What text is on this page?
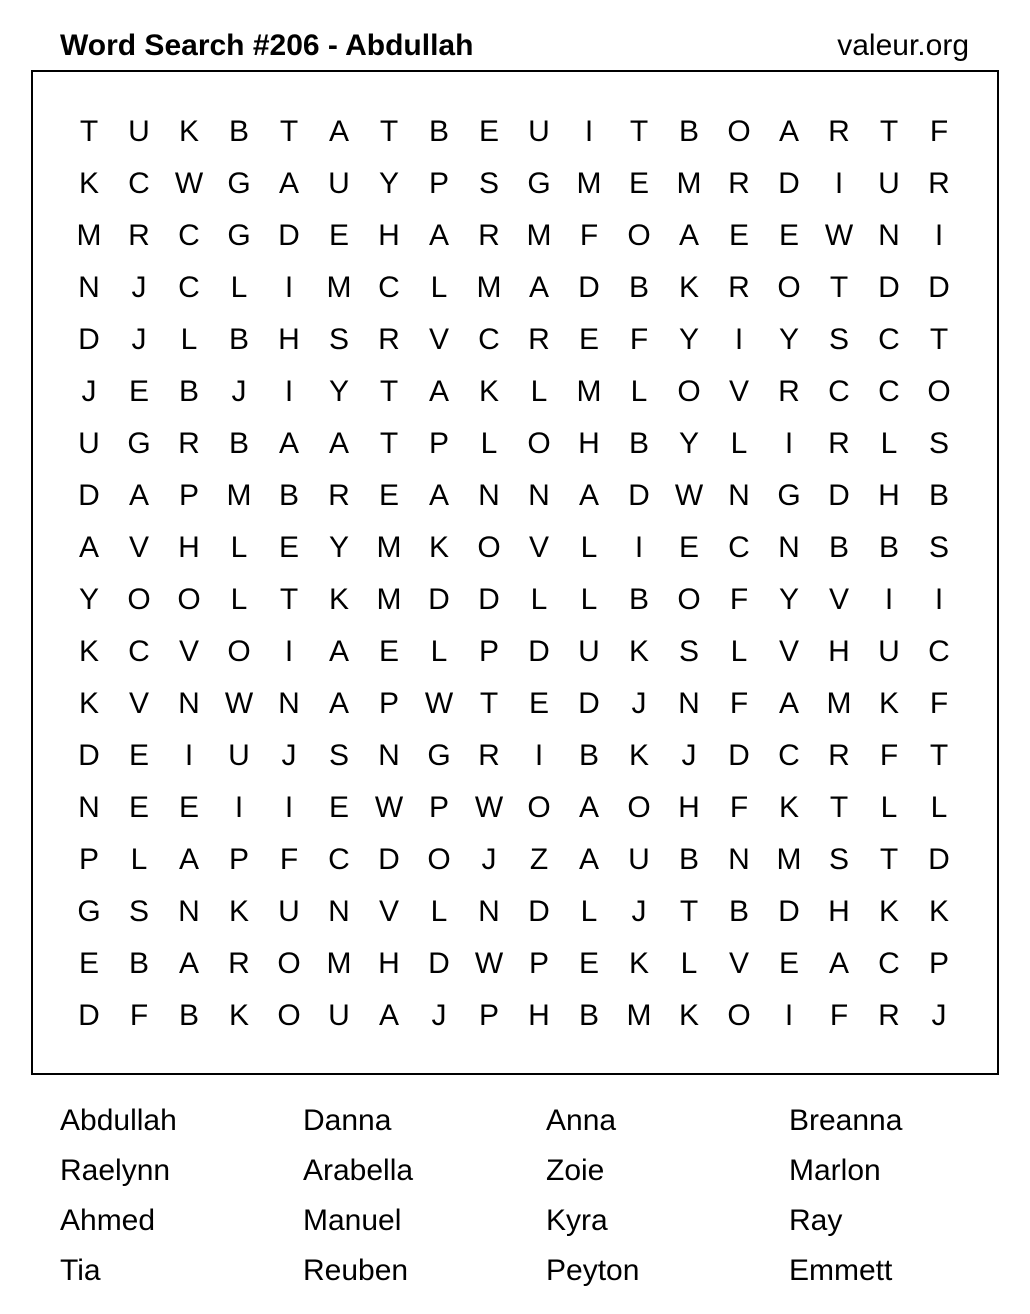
Word Search #206 - Abdullah	valeur.org
T	U K B	T	A	T	B E U	I	T	B O A R	T	F
K C W G A U Y P S G M E M R D	I	U R
M R C G D E H A R M F O A E E W N	I
N	J	C	L	I	M C	L M A D B K R O T	D D
D	J	L	B H S R V C R E	F	Y	I	Y S C	T
J	E B	J	I	Y	T	A K	L M L O V R C C O
U G R B A A	T	P	L O H B Y	L	I	R	L	S
D A P M B R E A N N A D W N G D H B
A V H	L	E Y M K O V	L	I	E C N B B S
Y O O L	T	K M D D	L	L	B O F	Y V	I	I
K C V O	I	A E	L	P D U K S	L	V H U C
K V N W N A P W T	E D	J	N	F	A M K	F
D E	I	U	J	S N G R	I	B K	J	D C R	F	T
N E E	I	I	E W P W O A O H	F	K	T	L	L
P	L	A P	F	C D O	J	Z	A U B N M S	T	D
G S N K U N V	L	N D	L	J	T	B D H K K
E B A R O M H D W P E K	L	V E A C P
D	F	B K O U A	J	P H B M K O	I	F	R	J
Abdullah	Danna	Anna	Breanna
Raelynn	Arabella	Zoie	Marlon
Ahmed	Manuel	Kyra	Ray
Tia	Reuben	Peyton	Emmett
